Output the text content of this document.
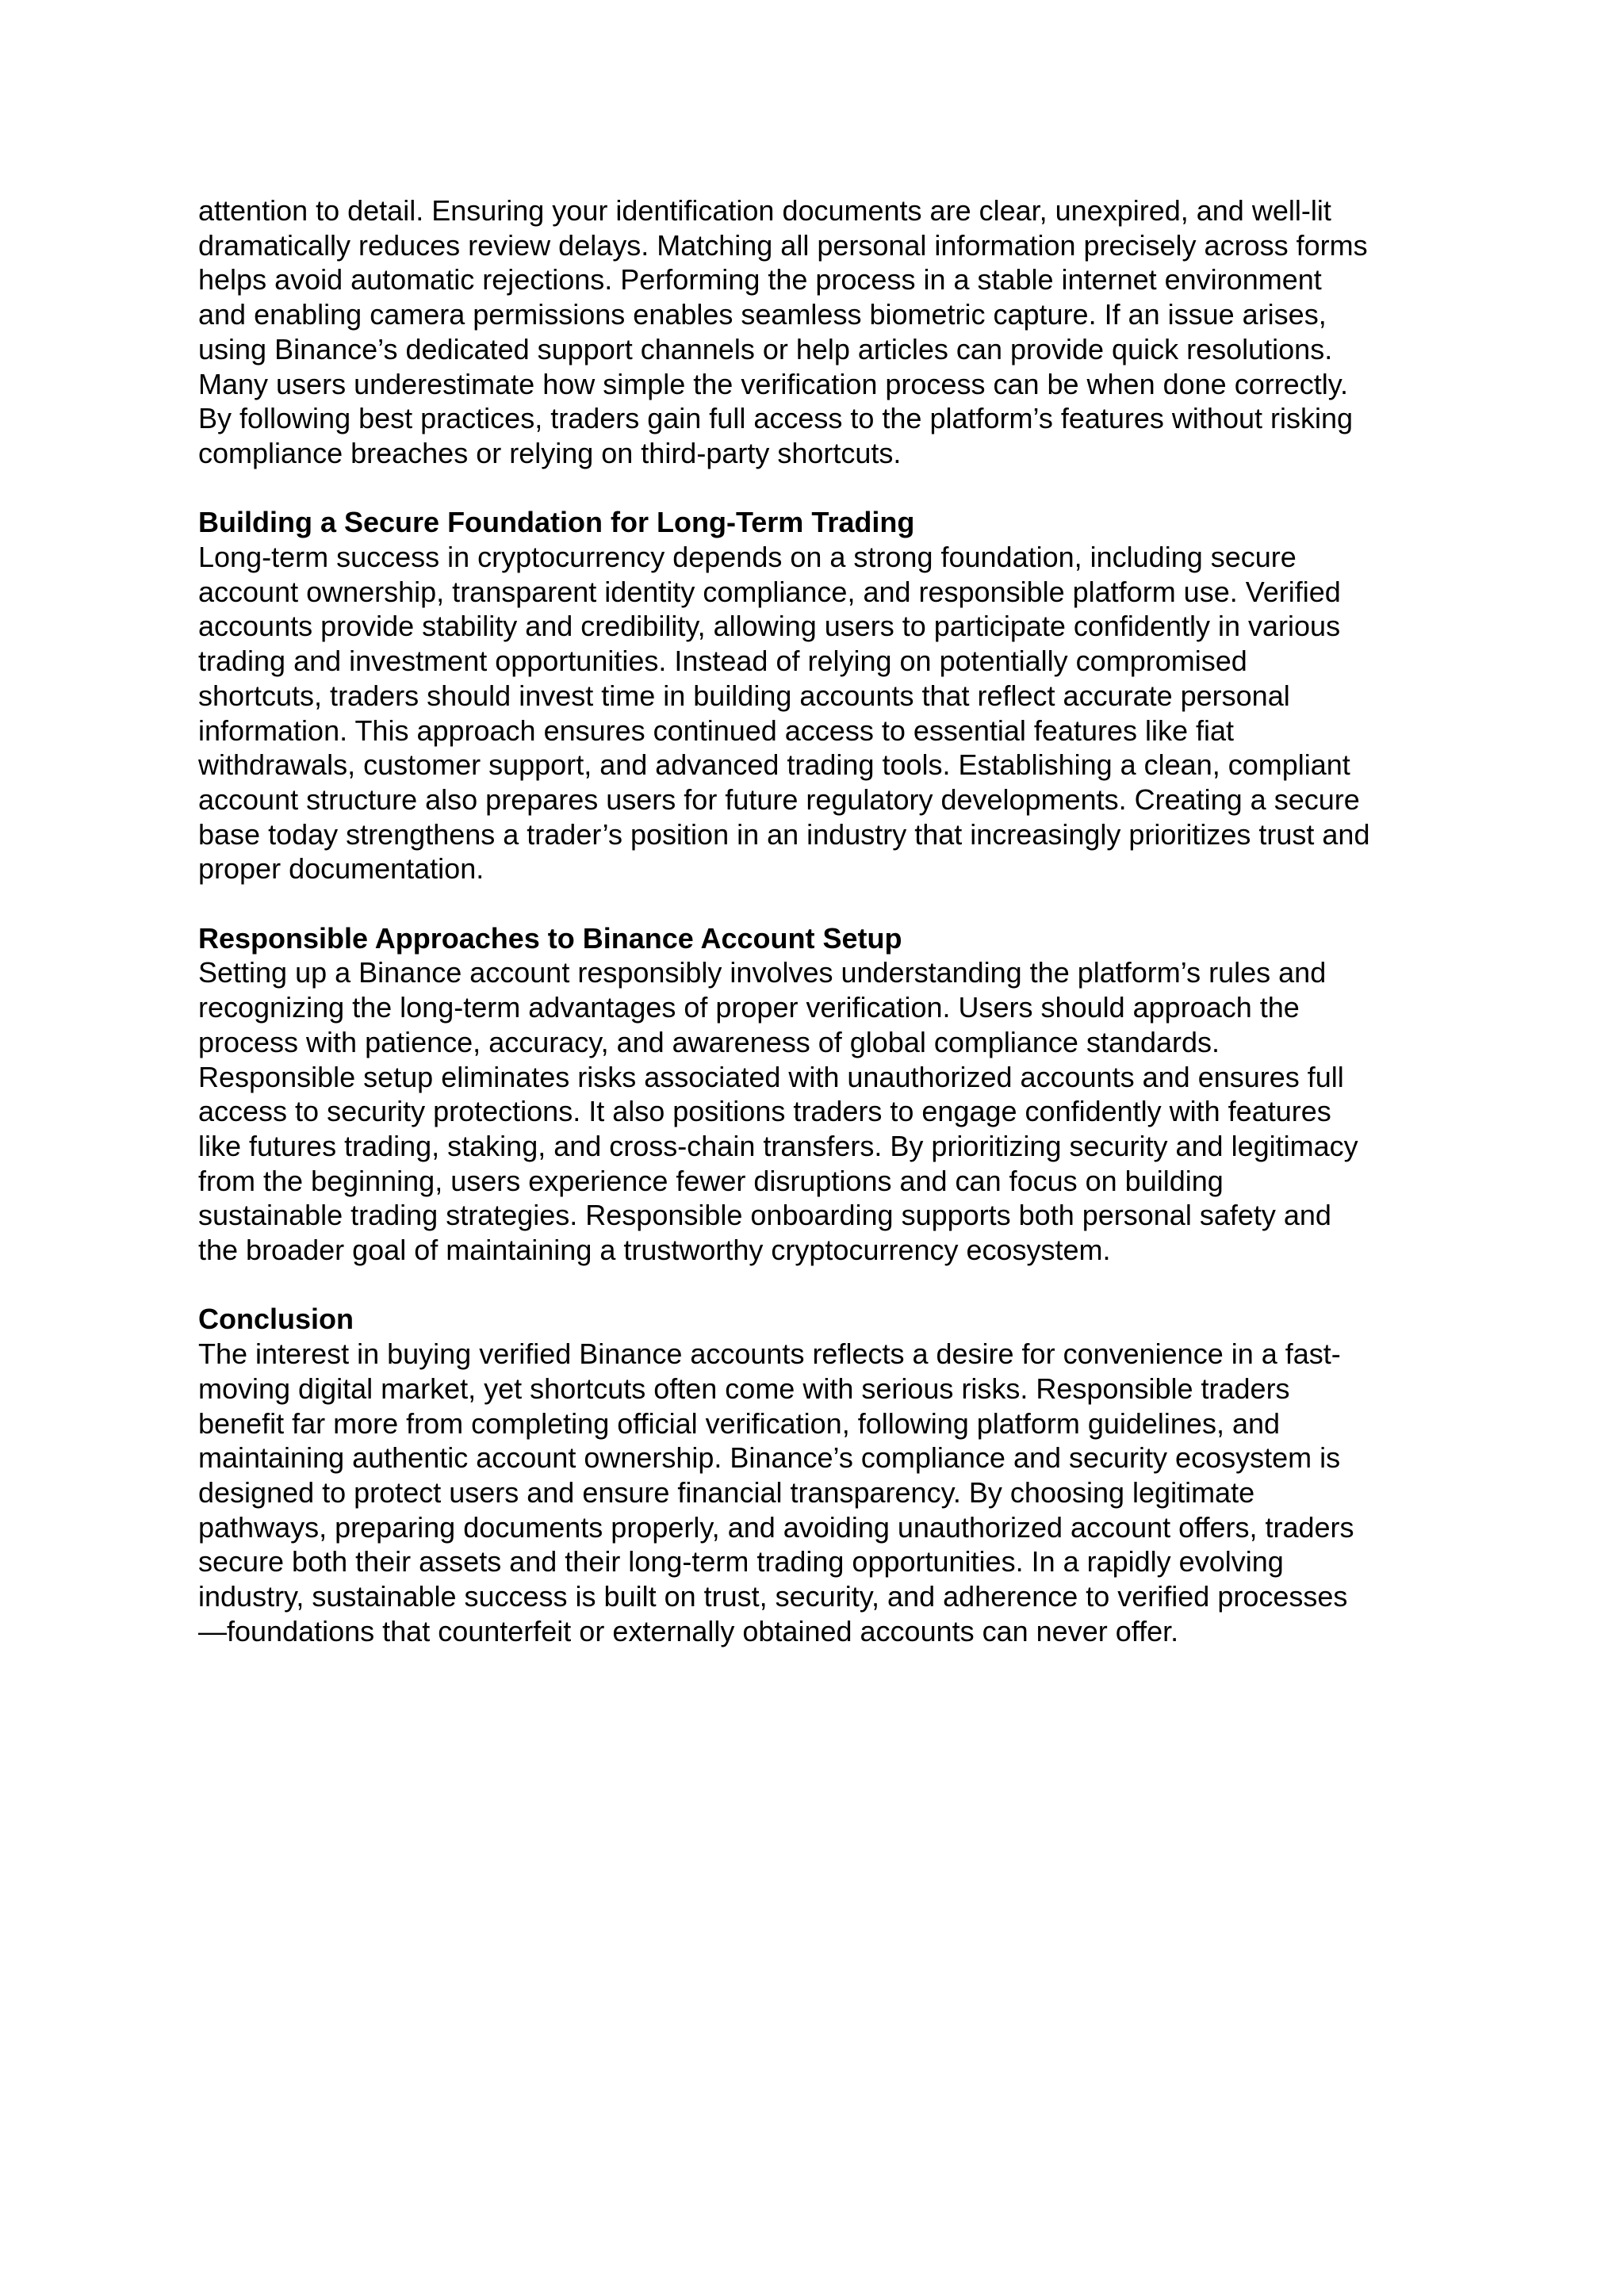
attention to detail. Ensuring your identification documents are clear, unexpired, and well-lit
dramatically reduces review delays. Matching all personal information precisely across forms
helps avoid automatic rejections. Performing the process in a stable internet environment
and enabling camera permissions enables seamless biometric capture. If an issue arises,
using Binance’s dedicated support channels or help articles can provide quick resolutions.
Many users underestimate how simple the verification process can be when done correctly.
By following best practices, traders gain full access to the platform’s features without risking
compliance breaches or relying on third-party shortcuts.
Building a Secure Foundation for Long-Term Trading
Long-term success in cryptocurrency depends on a strong foundation, including secure
account ownership, transparent identity compliance, and responsible platform use. Verified
accounts provide stability and credibility, allowing users to participate confidently in various
trading and investment opportunities. Instead of relying on potentially compromised
shortcuts, traders should invest time in building accounts that reflect accurate personal
information. This approach ensures continued access to essential features like fiat
withdrawals, customer support, and advanced trading tools. Establishing a clean, compliant
account structure also prepares users for future regulatory developments. Creating a secure
base today strengthens a trader’s position in an industry that increasingly prioritizes trust and
proper documentation.
Responsible Approaches to Binance Account Setup
Setting up a Binance account responsibly involves understanding the platform’s rules and
recognizing the long-term advantages of proper verification. Users should approach the
process with patience, accuracy, and awareness of global compliance standards.
Responsible setup eliminates risks associated with unauthorized accounts and ensures full
access to security protections. It also positions traders to engage confidently with features
like futures trading, staking, and cross-chain transfers. By prioritizing security and legitimacy
from the beginning, users experience fewer disruptions and can focus on building
sustainable trading strategies. Responsible onboarding supports both personal safety and
the broader goal of maintaining a trustworthy cryptocurrency ecosystem.
Conclusion
The interest in buying verified Binance accounts reflects a desire for convenience in a fast-
moving digital market, yet shortcuts often come with serious risks. Responsible traders
benefit far more from completing official verification, following platform guidelines, and
maintaining authentic account ownership. Binance’s compliance and security ecosystem is
designed to protect users and ensure financial transparency. By choosing legitimate
pathways, preparing documents properly, and avoiding unauthorized account offers, traders
secure both their assets and their long-term trading opportunities. In a rapidly evolving
industry, sustainable success is built on trust, security, and adherence to verified processes
—foundations that counterfeit or externally obtained accounts can never offer.
